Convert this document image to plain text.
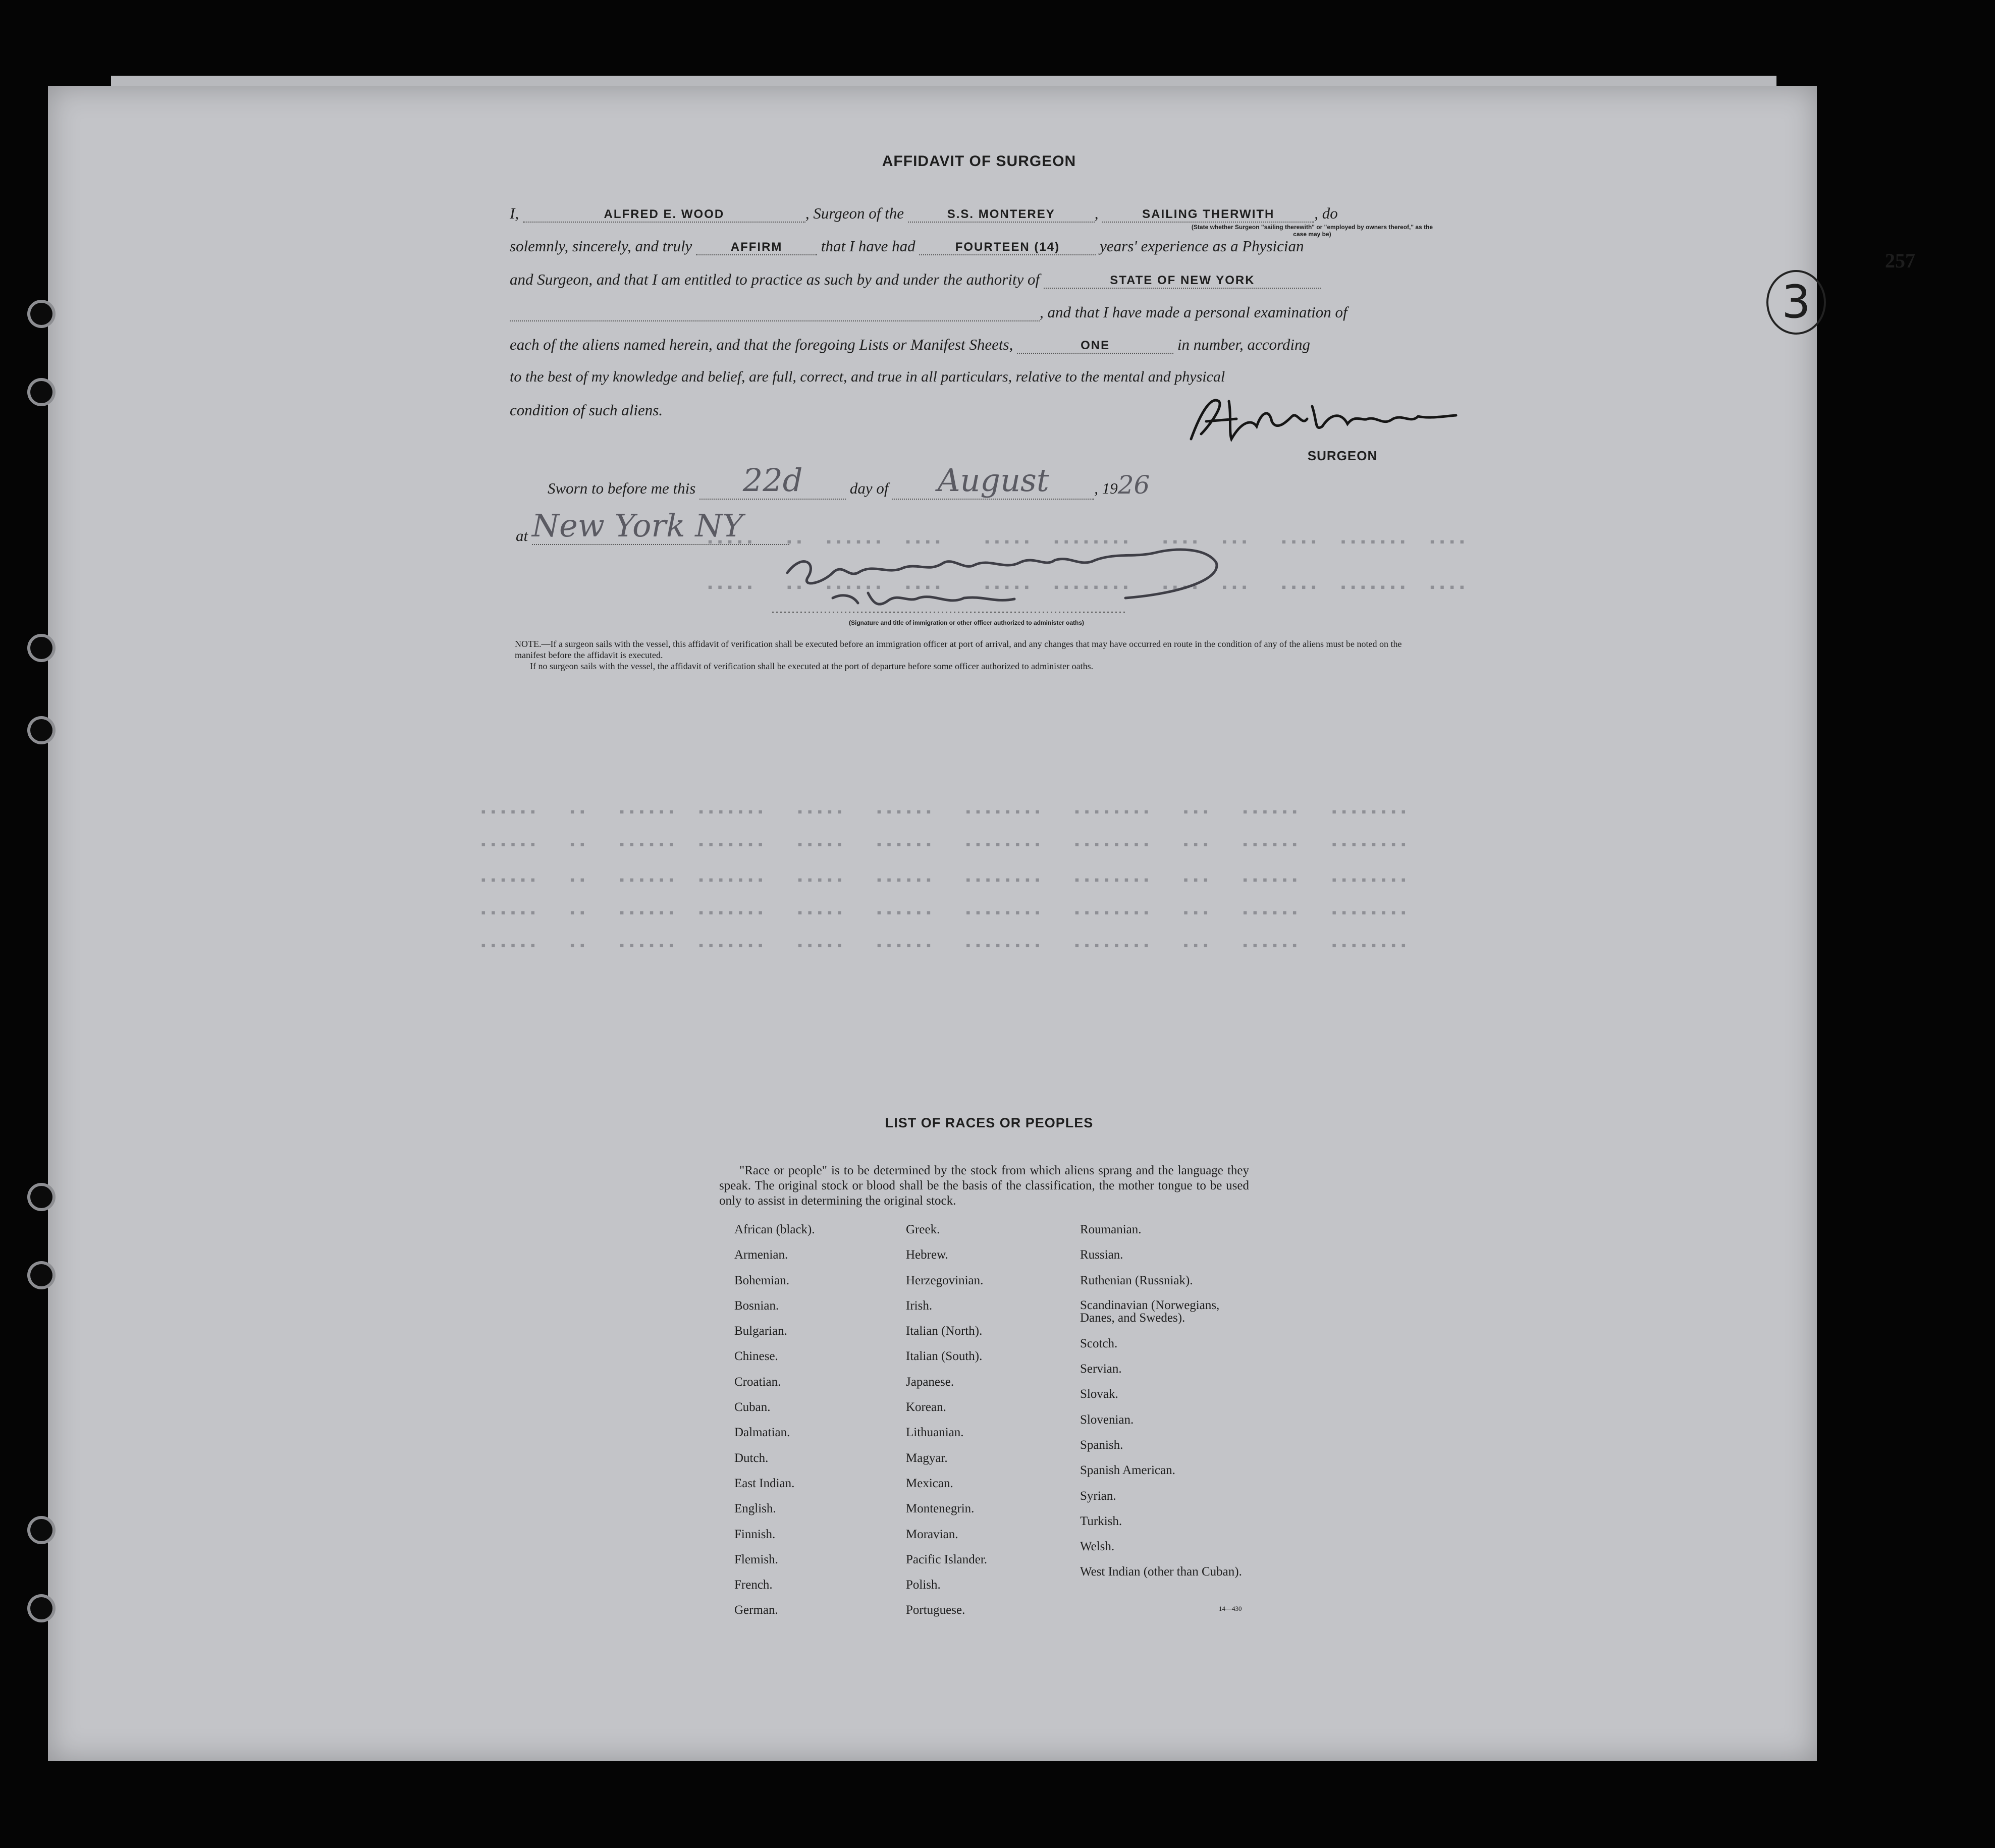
▪▪▪▪▪   ▪▪  ▪▪▪▪▪▪  ▪▪▪▪    ▪▪▪▪▪  ▪▪▪▪▪▪▪▪   ▪▪▪▪  ▪▪▪   ▪▪▪▪  ▪▪▪▪▪▪▪  ▪▪▪▪
▪▪▪▪▪   ▪▪  ▪▪▪▪▪▪  ▪▪▪▪    ▪▪▪▪▪  ▪▪▪▪▪▪▪▪   ▪▪▪▪  ▪▪▪   ▪▪▪▪  ▪▪▪▪▪▪▪  ▪▪▪▪
▪▪▪▪▪▪   ▪▪   ▪▪▪▪▪▪  ▪▪▪▪▪▪▪   ▪▪▪▪▪   ▪▪▪▪▪▪   ▪▪▪▪▪▪▪▪   ▪▪▪▪▪▪▪▪   ▪▪▪   ▪▪▪▪▪▪   ▪▪▪▪▪▪▪▪
▪▪▪▪▪▪   ▪▪   ▪▪▪▪▪▪  ▪▪▪▪▪▪▪   ▪▪▪▪▪   ▪▪▪▪▪▪   ▪▪▪▪▪▪▪▪   ▪▪▪▪▪▪▪▪   ▪▪▪   ▪▪▪▪▪▪   ▪▪▪▪▪▪▪▪
▪▪▪▪▪▪   ▪▪   ▪▪▪▪▪▪  ▪▪▪▪▪▪▪   ▪▪▪▪▪   ▪▪▪▪▪▪   ▪▪▪▪▪▪▪▪   ▪▪▪▪▪▪▪▪   ▪▪▪   ▪▪▪▪▪▪   ▪▪▪▪▪▪▪▪
▪▪▪▪▪▪   ▪▪   ▪▪▪▪▪▪  ▪▪▪▪▪▪▪   ▪▪▪▪▪   ▪▪▪▪▪▪   ▪▪▪▪▪▪▪▪   ▪▪▪▪▪▪▪▪   ▪▪▪   ▪▪▪▪▪▪   ▪▪▪▪▪▪▪▪
▪▪▪▪▪▪   ▪▪   ▪▪▪▪▪▪  ▪▪▪▪▪▪▪   ▪▪▪▪▪   ▪▪▪▪▪▪   ▪▪▪▪▪▪▪▪   ▪▪▪▪▪▪▪▪   ▪▪▪   ▪▪▪▪▪▪   ▪▪▪▪▪▪▪▪
257
3
AFFIDAVIT OF SURGEON
I,	ALFRED E. WOOD	, Surgeon of the	S.S. MONTEREY	,	SAILING THERWITH	, do
(State whether Surgeon "sailing therewith" or "employed by owners thereof," as the case may be)
solemnly, sincerely, and truly	AFFIRM that I have had	FOURTEEN (14)	years' experience as a Physician
and Surgeon, and that I am entitled to practice as such by and under the authority of	STATE OF NEW YORK
, and that I have made a personal examination of
each of the aliens named herein, and that the foregoing Lists or Manifest Sheets,	ONE	in number, according
to the best of my knowledge and belief, are full, correct, and true in all particulars, relative to the mental and physical
condition of such aliens.
SURGEON
Sworn to before me this 22d	day of August	, 1926
at New York NY
(Signature and title of immigration or other officer authorized to administer oaths)
NOTE.—If a surgeon sails with the vessel, this affidavit of verification shall be executed before an immigration officer at port of arrival, and any changes that may have occurred en route in the condition of any of the aliens must be noted on the manifest before the affidavit is executed.
If no surgeon sails with the vessel, the affidavit of verification shall be executed at the port of departure before some officer authorized to administer oaths.
LIST OF RACES OR PEOPLES
"Race or people" is to be determined by the stock from which aliens sprang and the language they speak. The original stock or blood shall be the basis of the classification, the mother tongue to be used only to assist in determining the original stock.
African (black).
Armenian.
Bohemian.
Bosnian.
Bulgarian.
Chinese.
Croatian.
Cuban.
Dalmatian.
Dutch.
East Indian.
English.
Finnish.
Flemish.
French.
German.
Greek.
Hebrew.
Herzegovinian.
Irish.
Italian (North).
Italian (South).
Japanese.
Korean.
Lithuanian.
Magyar.
Mexican.
Montenegrin.
Moravian.
Pacific Islander.
Polish.
Portuguese.
Roumanian.
Russian.
Ruthenian (Russniak).
Scandinavian (Norwegians, Danes, and Swedes).
Scotch.
Servian.
Slovak.
Slovenian.
Spanish.
Spanish American.
Syrian.
Turkish.
Welsh.
West Indian (other than Cuban).
14—430
